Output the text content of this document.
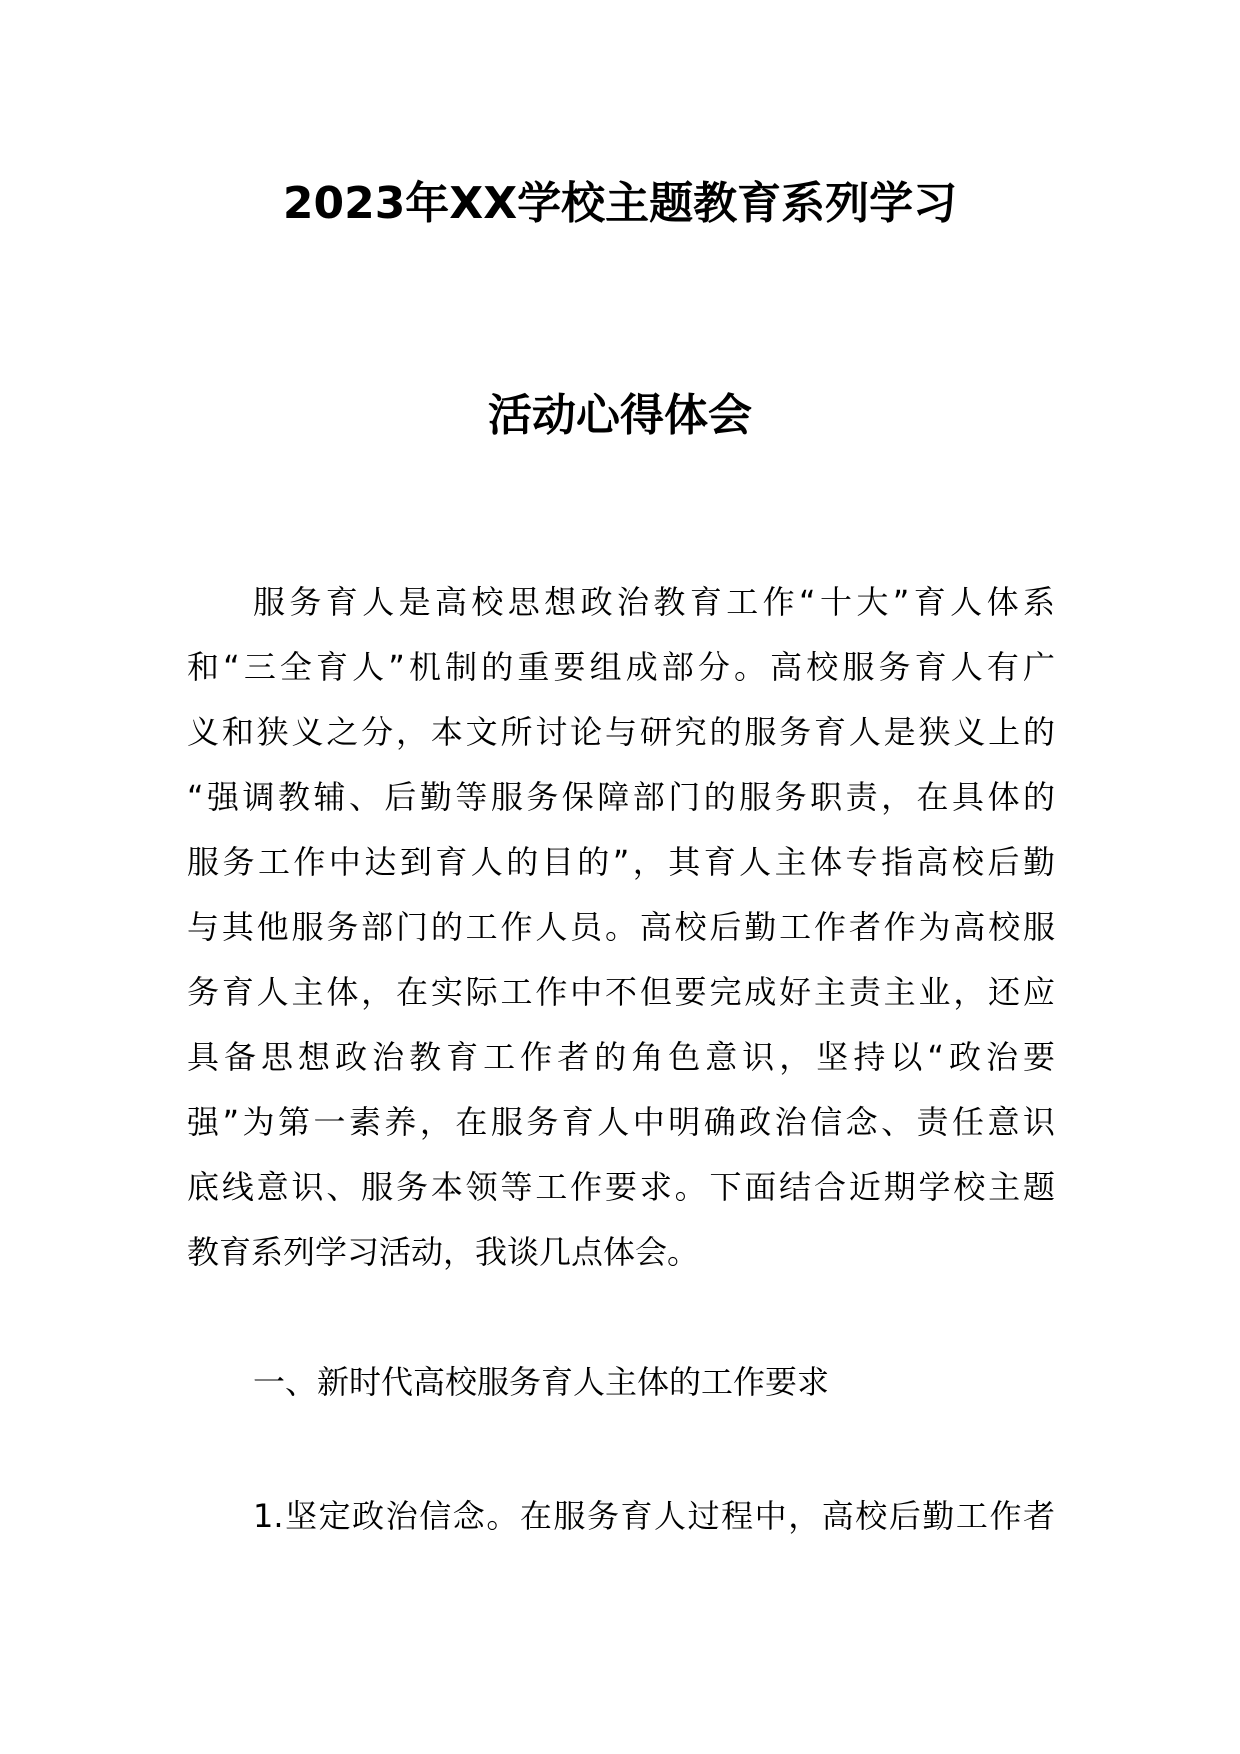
2023年XX学校主题教育系列学习
活动心得体会
服务育人是高校思想政治教育工作“十大”育人体系
和“三全育人”机制的重要组成部分。高校服务育人有广
义和狭义之分，本文所讨论与研究的服务育人是狭义上的
“强调教辅、后勤等服务保障部门的服务职责，在具体的
服务工作中达到育人的目的”，其育人主体专指高校后勤
与其他服务部门的工作人员。高校后勤工作者作为高校服
务育人主体，在实际工作中不但要完成好主责主业，还应
具备思想政治教育工作者的角色意识，坚持以“政治要
强”为第一素养，在服务育人中明确政治信念、责任意识
底线意识、服务本领等工作要求。下面结合近期学校主题
教育系列学习活动，我谈几点体会。
一、新时代高校服务育人主体的工作要求
1.坚定政治信念。在服务育人过程中，高校后勤工作者
